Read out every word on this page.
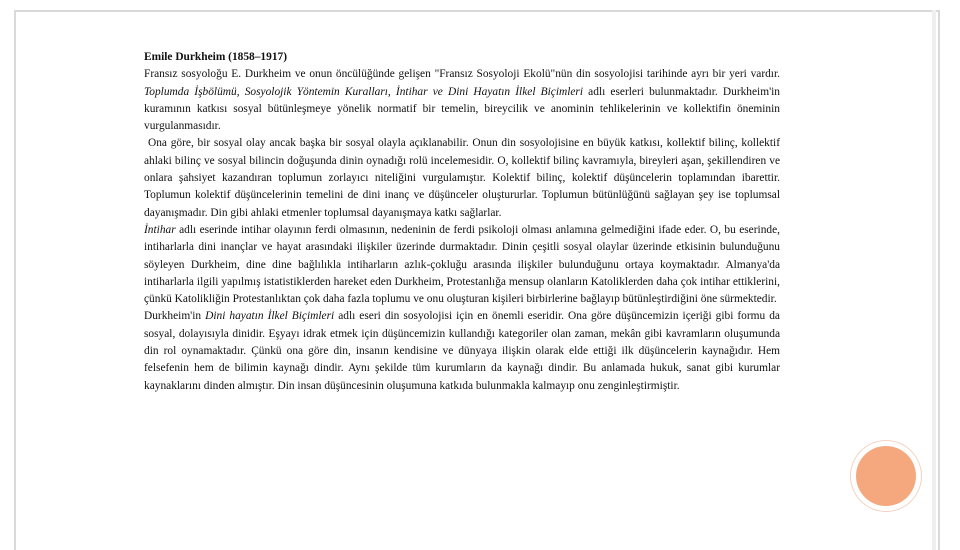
Emile Durkheim (1858–1917)

Fransız sosyoloğu E. Durkheim ve onun öncülüğünde gelişen "Fransız Sosyoloji Ekolü"nün din sosyolojisi tarihinde ayrı bir yeri vardır. Toplumda İşbölümü, Sosyolojik Yöntemin Kuralları, İntihar ve Dini Hayatın İlkel Biçimleri adlı eserleri bulunmaktadır. Durkheim'in kuramının katkısı sosyal bütünleşmeye yönelik normatif bir temelin, bireycilik ve anominin tehlikelerinin ve kollektifin öneminin vurgulanmasıdır.

Ona göre, bir sosyal olay ancak başka bir sosyal olayla açıklanabilir. Onun din sosyolojisine en büyük katkısı, kollektif bilinç, kollektif ahlaki bilinç ve sosyal bilincin doğuşunda dinin oynadığı rolü incelemesidir. O, kollektif bilinç kavramıyla, bireyleri aşan, şekillendiren ve onlara şahsiyet kazandıran toplumun zorlayıcı niteliğini vurgulamıştır. Kolektif bilinç, kolektif düşüncelerin toplamından ibarettir. Toplumun kolektif düşüncelerinin temelini de dini inanç ve düşünceler oluştururlar. Toplumun bütünlüğünü sağlayan şey ise toplumsal dayanışmadır. Din gibi ahlaki etmenler toplumsal dayanışmaya katkı sağlarlar.

İntihar adlı eserinde intihar olayının ferdi olmasının, nedeninin de ferdi psikoloji olması anlamına gelmediğini ifade eder. O, bu eserinde, intiharlarla dini inançlar ve hayat arasındaki ilişkiler üzerinde durmaktadır. Dinin çeşitli sosyal olaylar üzerinde etkisinin bulunduğunu söyleyen Durkheim, dine dine bağlılıkla intiharların azlık-çokluğu arasında ilişkiler bulunduğunu ortaya koymaktadır. Almanya'da intiharlarla ilgili yapılmış istatistiklerden hareket eden Durkheim, Protestanlığa mensup olanların Katoliklerden daha çok intihar ettiklerini, çünkü Katolikliğin Protestanlıktan çok daha fazla toplumu ve onu oluşturan kişileri birbirlerine bağlayıp bütünleştirdiğini öne sürmektedir.

Durkheim'in Dini hayatın İlkel Biçimleri adlı eseri din sosyolojisi için en önemli eseridir. Ona göre düşüncemizin içeriği gibi formu da sosyal, dolayısıyla dinidir. Eşyayı idrak etmek için düşüncemizin kullandığı kategoriler olan zaman, mekân gibi kavramların oluşumunda din rol oynamaktadır. Çünkü ona göre din, insanın kendisine ve dünyaya ilişkin olarak elde ettiği ilk düşüncelerin kaynağıdır. Hem felsefenin hem de bilimin kaynağı dindir. Aynı şekilde tüm kurumların da kaynağı dindir. Bu anlamada hukuk, sanat gibi kurumlar kaynaklarını dinden almıştır. Din insan düşüncesinin oluşumuna katkıda bulunmakla kalmayıp onu zenginleştirmiştir.
